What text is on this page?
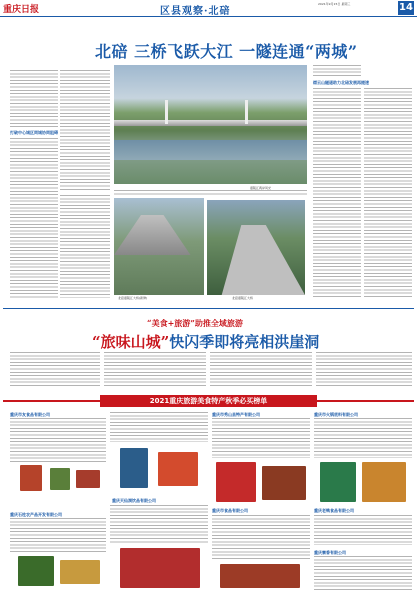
重庆日报	区县观察·北碚
2021年9月15日 星期三	14
北碚 三桥飞跃大江 一隧连通“两城”
打破中心城区同城协同阻碍
嘉陵江两岸风光
北碚嘉陵江大桥(新修)	北碚嘉陵江大桥
缙云山隧道助力北碚发展再提速
“美食+旅游”助推全域旅游
“旅味山城”快闪季即将亮相洪崖洞
2021重庆旅游美食特产秋季必买榜单
重庆市友食品有限公司
重庆石柱农产品开发有限公司
重庆天仙洞饮品有限公司
重庆市秀山县特产有限公司
重庆市食品有限公司
重庆市火锅底料有限公司
重庆老鸭食品有限公司
重庆寨香有限公司
